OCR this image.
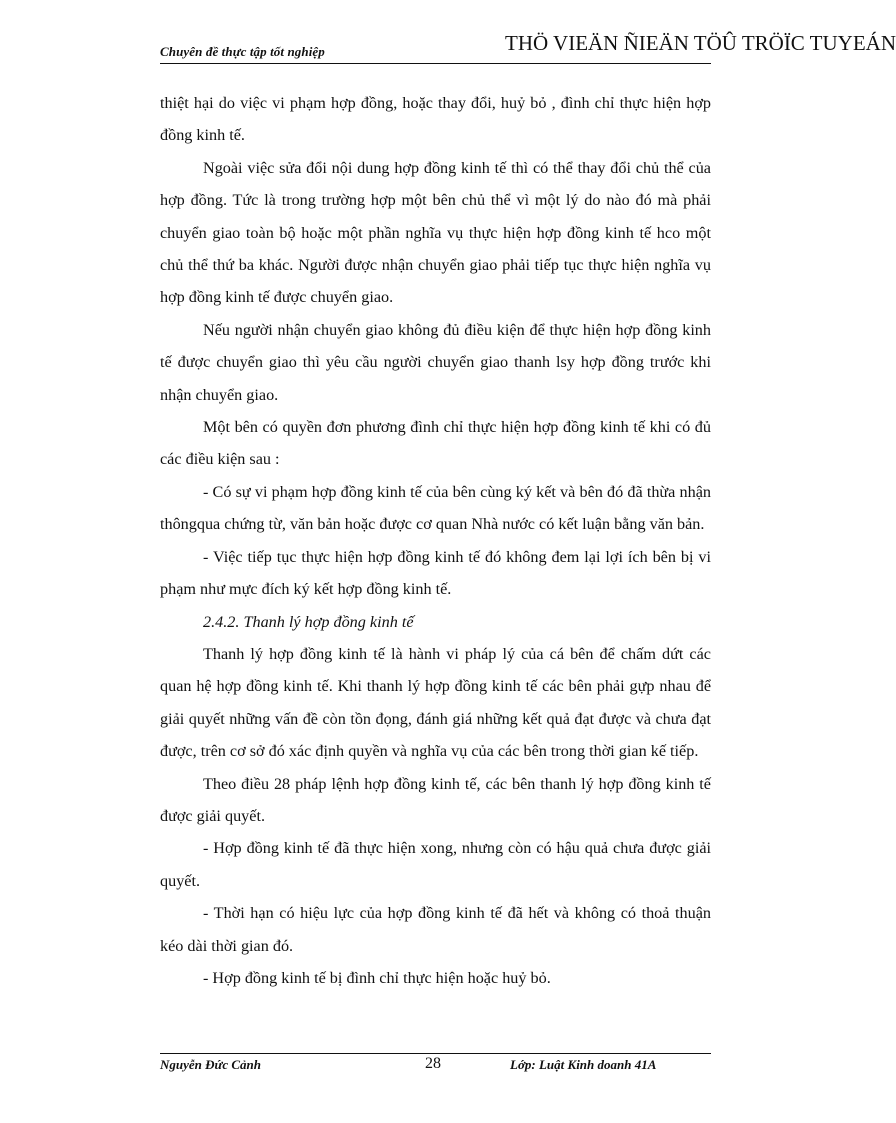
Chuyên đề thực tập tốt nghiệp	THÖ VIEÄN ÑIEÄN TÖÛ TRÖÏC TUYEÁN

thiệt hại do việc vi phạm hợp đồng, hoặc thay đổi, huỷ bỏ , đình chỉ thực hiện hợp đồng kinh tế.

Ngoài việc sửa đổi nội dung hợp đồng kinh tế thì có thể thay đổi chủ thể của hợp đồng. Tức là trong trường hợp một bên chủ thể vì một lý do nào đó mà phải chuyển giao toàn bộ hoặc một phần nghĩa vụ thực hiện hợp đồng kinh tế hco một chủ thể thứ ba khác. Người được nhận chuyển giao phải tiếp tục thực hiện nghĩa vụ hợp đồng kinh tế được chuyển giao.

Nếu người nhận chuyển giao không đủ điều kiện để thực hiện hợp đồng kinh tế được chuyển giao thì yêu cầu người chuyển giao thanh lsy hợp đồng trước khi nhận chuyển giao.

Một bên có quyền đơn phương đình chỉ thực hiện hợp đồng kinh tế khi có đủ các điều kiện sau :

- Có sự vi phạm hợp đồng kinh tế của bên cùng ký kết và bên đó đã thừa nhận thôngqua chứng từ, văn bản hoặc được cơ quan Nhà nước có kết luận bằng văn bản.

- Việc tiếp tục thực hiện hợp đồng kinh tế đó không đem lại lợi ích bên bị vi phạm như mực đích ký kết hợp đồng kinh tế.

2.4.2. Thanh lý hợp đồng kinh tế

Thanh lý hợp đồng kinh tế là hành vi pháp lý của cá bên để chấm dứt các quan hệ hợp đồng kinh tế. Khi thanh lý hợp đồng kinh tế các bên phải gựp nhau để giải quyết những vấn đề còn tồn đọng, đánh giá những kết quả đạt được và chưa đạt được, trên cơ sở đó xác định quyền và nghĩa vụ của các bên trong thời gian kế tiếp.

Theo điều 28 pháp lệnh hợp đồng kinh tế, các bên thanh lý hợp đồng kinh tế được giải quyết.

- Hợp đồng kinh tế đã thực hiện xong, nhưng còn có hậu quả chưa được giải quyết.

- Thời hạn có hiệu lực của hợp đồng kinh tế đã hết và không có thoả thuận kéo dài thời gian đó.

- Hợp đồng kinh tế bị đình chỉ thực hiện hoặc huỷ bỏ.

Nguyễn Đức Cảnh	28	Lớp: Luật Kinh doanh 41A
